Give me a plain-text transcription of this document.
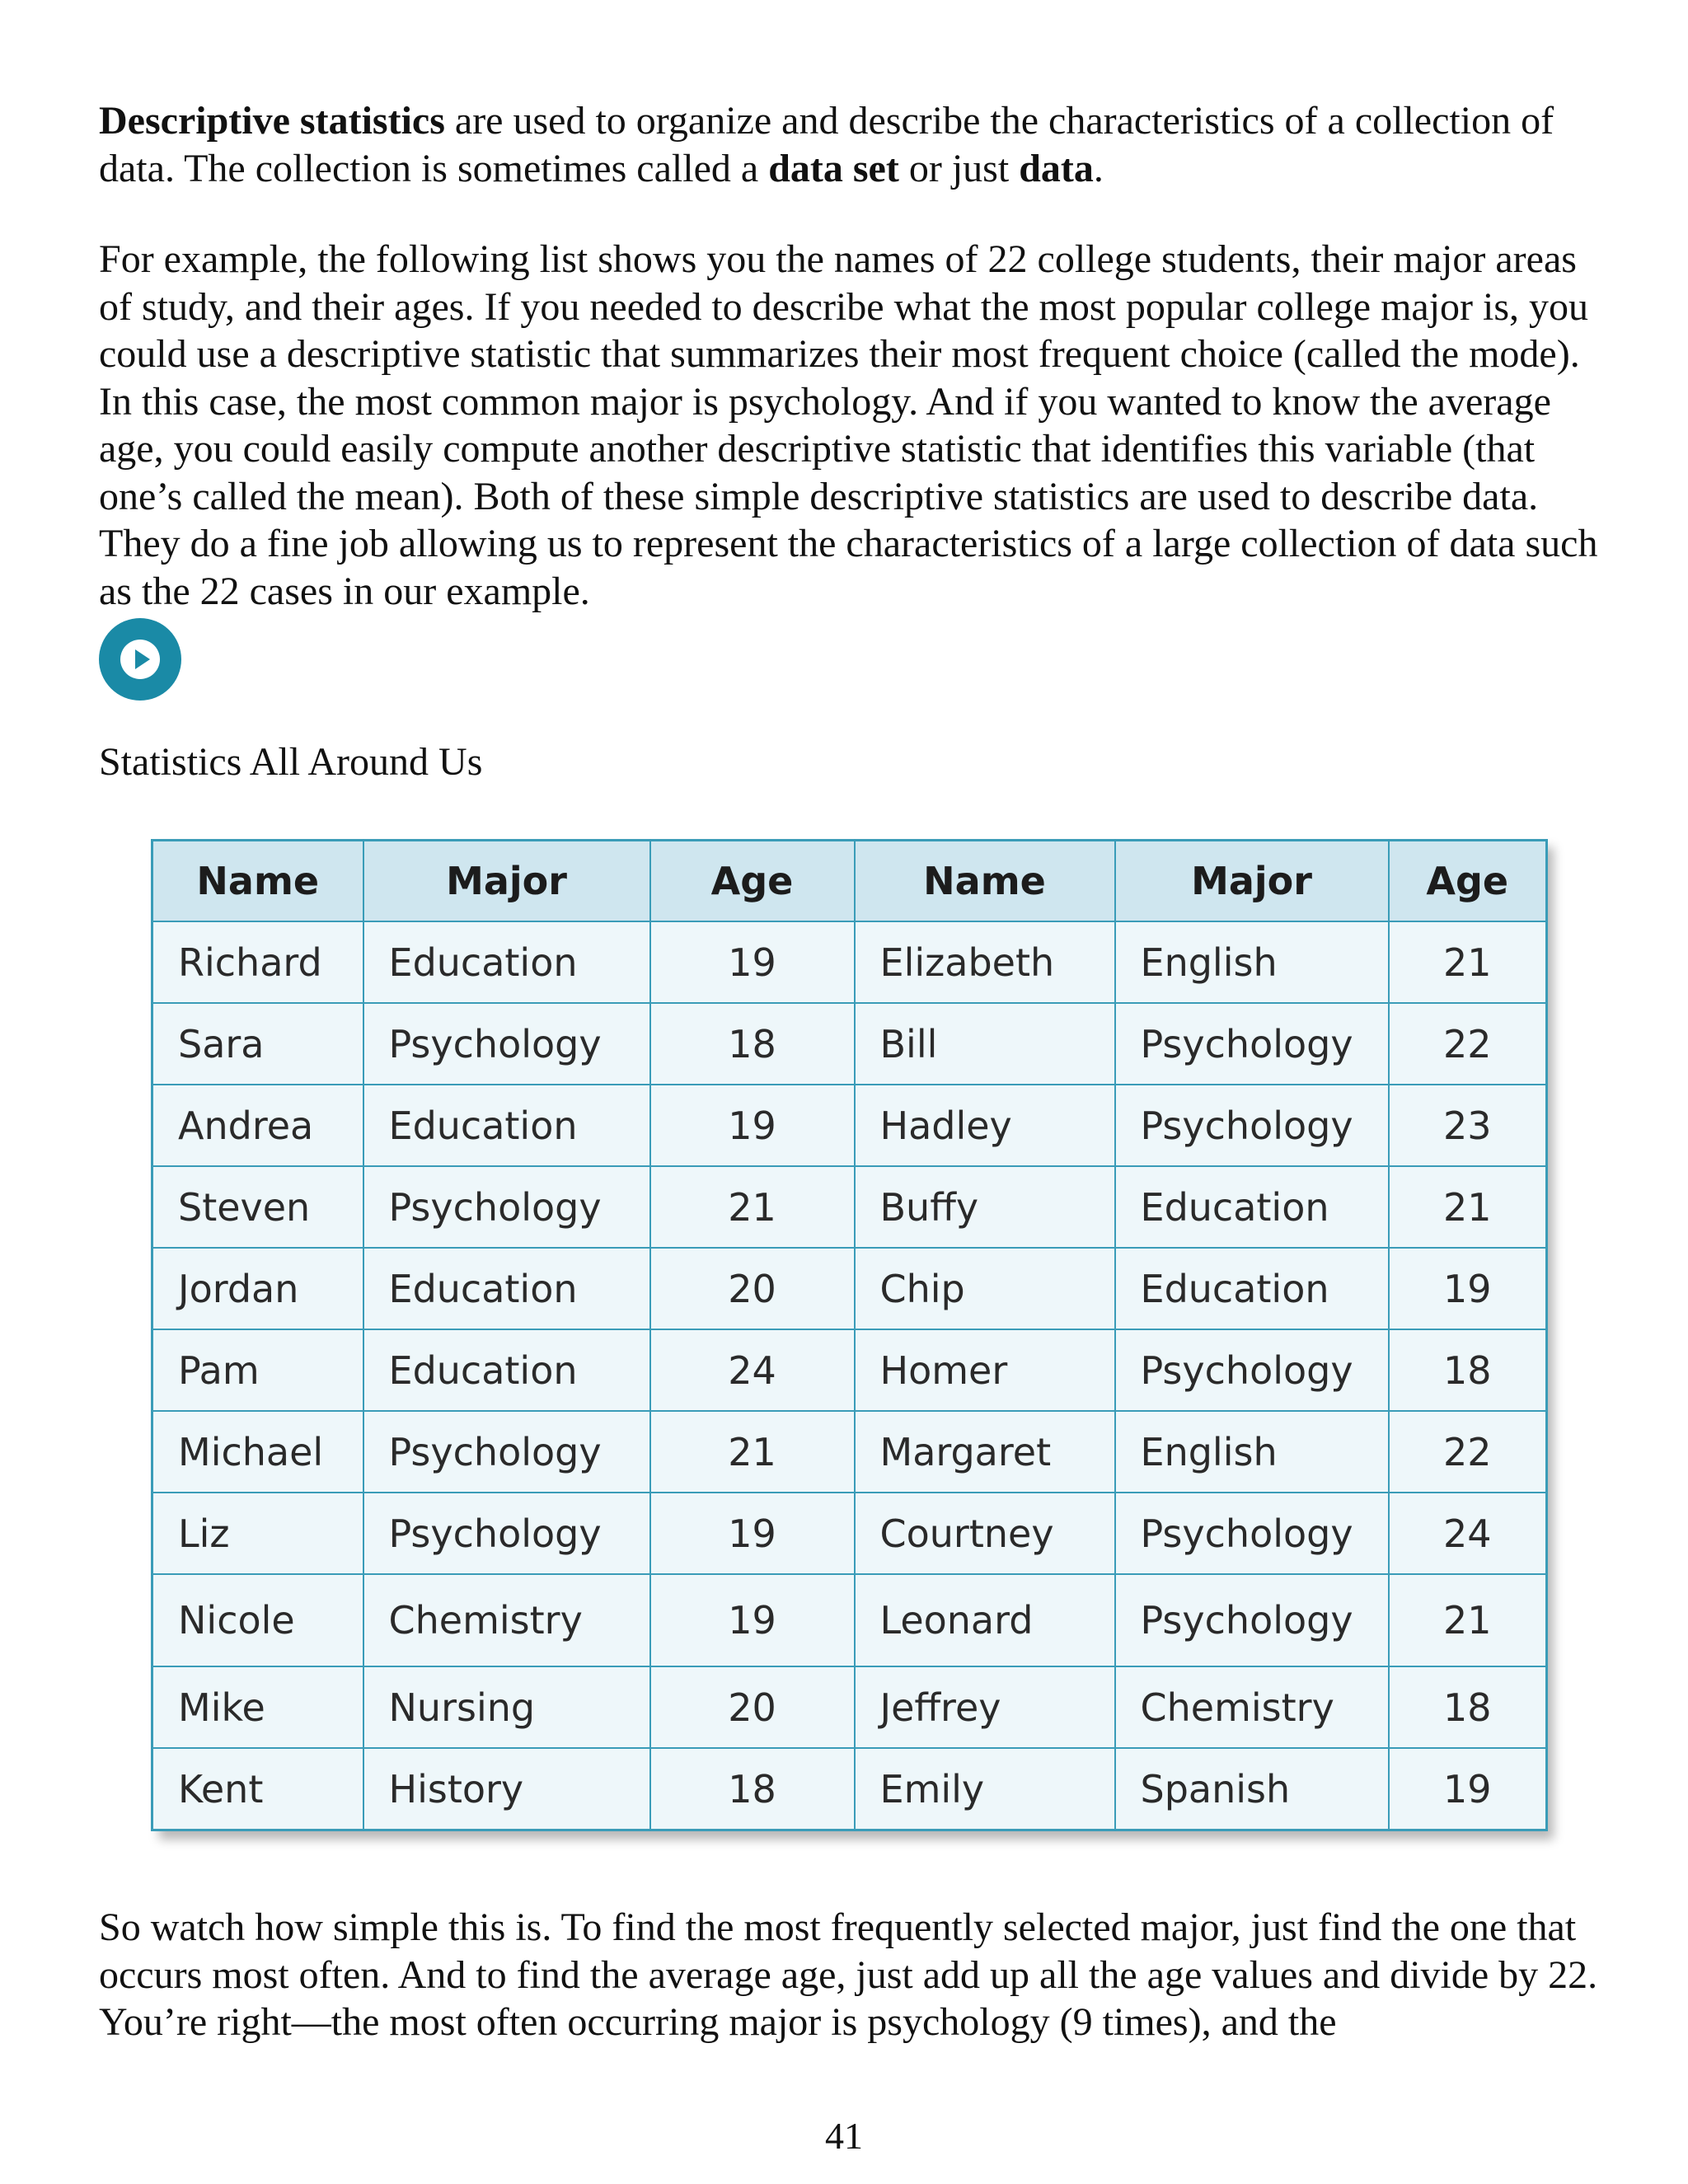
Descriptive statistics are used to organize and describe the characteristics of a collection of data. The collection is sometimes called a data set or just data.

For example, the following list shows you the names of 22 college students, their major areas of study, and their ages. If you needed to describe what the most popular college major is, you could use a descriptive statistic that summarizes their most frequent choice (called the mode). In this case, the most common major is psychology. And if you wanted to know the average age, you could easily compute another descriptive statistic that identifies this variable (that one’s called the mean). Both of these simple descriptive statistics are used to describe data. They do a fine job allowing us to represent the characteristics of a large collection of data such as the 22 cases in our example.

Statistics All Around Us

Name	Major	Age	Name	Major	Age
Richard	Education	19	Elizabeth	English	21
Sara	Psychology	18	Bill	Psychology	22
Andrea	Education	19	Hadley	Psychology	23
Steven	Psychology	21	Buffy	Education	21
Jordan	Education	20	Chip	Education	19
Pam	Education	24	Homer	Psychology	18
Michael	Psychology	21	Margaret	English	22
Liz	Psychology	19	Courtney	Psychology	24
Nicole	Chemistry	19	Leonard	Psychology	21
Mike	Nursing	20	Jeffrey	Chemistry	18
Kent	History	18	Emily	Spanish	19

So watch how simple this is. To find the most frequently selected major, just find the one that occurs most often. And to find the average age, just add up all the age values and divide by 22. You’re right—the most often occurring major is psychology (9 times), and the

41
